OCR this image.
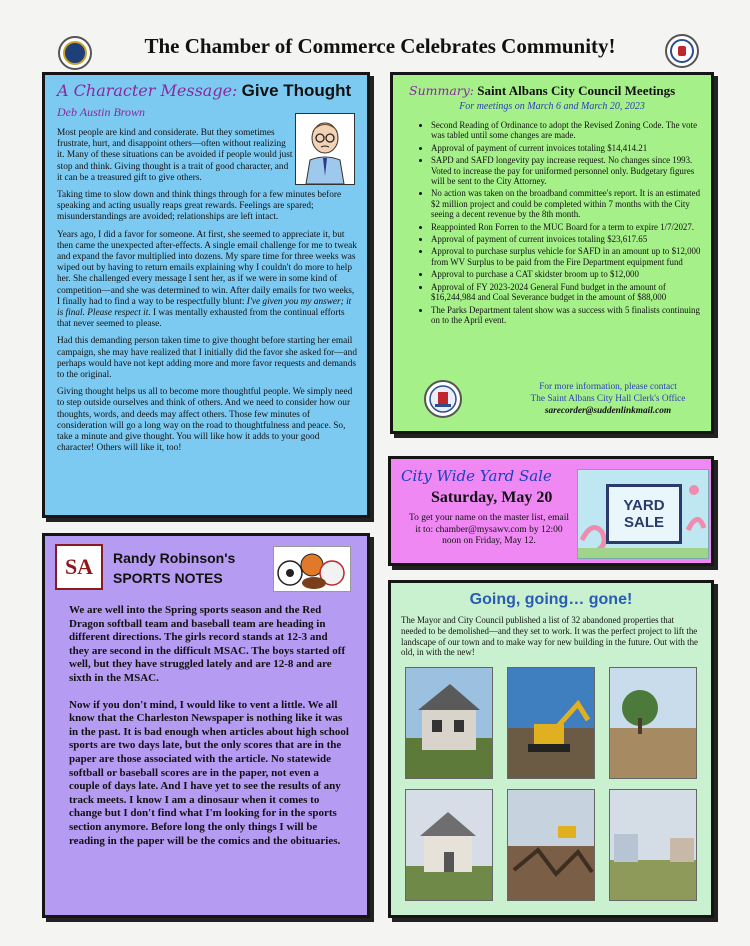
The Chamber of Commerce Celebrates Community!
A Character Message: Give Thought
Deb Austin Brown

Most people are kind and considerate. But they sometimes frustrate, hurt, and disappoint others—often without realizing it. Many of these situations can be avoided if people would just stop and think. Giving thought is a trait of good character, and it can be a treasured gift to give others.

Taking time to slow down and think things through for a few minutes before speaking and acting usually reaps great rewards. Feelings are spared; misunderstandings are avoided; relationships are left intact.

Years ago, I did a favor for someone. At first, she seemed to appreciate it, but then came the unexpected after-effects. A single email challenge for me to tweak and expand the favor multiplied into dozens. My spare time for three weeks was wiped out by having to return emails explaining why I couldn't do more to help her. She challenged every message I sent her, as if we were in some kind of competition—and she was determined to win. After daily emails for two weeks, I finally had to find a way to be respectfully blunt: I've given you my answer; it is final. Please respect it. I was mentally exhausted from the continual efforts that never seemed to please.

Had this demanding person taken time to give thought before starting her email campaign, she may have realized that I initially did the favor she asked for—and perhaps would have not kept adding more and more favor requests and demands to the original.

Giving thought helps us all to become more thoughtful people. We simply need to step outside ourselves and think of others. And we need to consider how our thoughts, words, and deeds may affect others. Those few minutes of consideration will go a long way on the road to thoughtfulness and peace. So, take a minute and give thought. You will like how it adds to your good character! Others will like it, too!

Summary: Saint Albans City Council Meetings
For meetings on March 6 and March 20, 2023
• Second Reading of Ordinance to adopt the Revised Zoning Code. The vote was tabled until some changes are made.
• Approval of payment of current invoices totaling $14,414.21
• SAPD and SAFD longevity pay increase request. No changes since 1993. Voted to increase the pay for uniformed personnel only. Budgetary figures will be sent to the City Attorney.
• No action was taken on the broadband committee's report. It is an estimated $2 million project and could be completed within 7 months with the City seeing a decent revenue by the 8th month.
• Reappointed Ron Forren to the MUC Board for a term to expire 1/7/2027.
• Approval of payment of current invoices totaling $23,617.65
• Approval to purchase surplus vehicle for SAFD in an amount up to $12,000 from WV Surplus to be paid from the Fire Department equipment fund
• Approval to purchase a CAT skidster broom up to $12,000
• Approval of FY 2023-2024 General Fund budget in the amount of $16,244,984 and Coal Severance budget in the amount of $88,000
• The Parks Department talent show was a success with 5 finalists continuing on to the April event.
For more information, please contact
The Saint Albans City Hall Clerk's Office
sarecorder@suddenlinkmail.com
City Wide Yard Sale
Saturday, May 20
To get your name on the master list, email it to: chamber@mysawv.com by 12:00 noon on Friday, May 12.
YARD
SALE
Going, going… gone!
The Mayor and City Council published a list of 32 abandoned properties that needed to be demolished—and they set to work. It was the perfect project to lift the landscape of our town and to make way for new building in the future. Out with the old, in with the new!
SA Randy Robinson's
SPORTS NOTES

We are well into the Spring sports season and the Red Dragon softball team and baseball team are heading in different directions. The girls record stands at 12-3 and they are second in the difficult MSAC. The boys started off well, but they have struggled lately and are 12-8 and are sixth in the MSAC.

Now if you don't mind, I would like to vent a little. We all know that the Charleston Newspaper is nothing like it was in the past. It is bad enough when articles about high school sports are two days late, but the only scores that are in the paper are those associated with the article. No statewide softball or baseball scores are in the paper, not even a couple of days late. And I have yet to see the results of any track meets. I know I am a dinosaur when it comes to change but I don't find what I'm looking for in the sports section anymore. Before long the only things I will be reading in the paper will be the comics and the obituaries.
